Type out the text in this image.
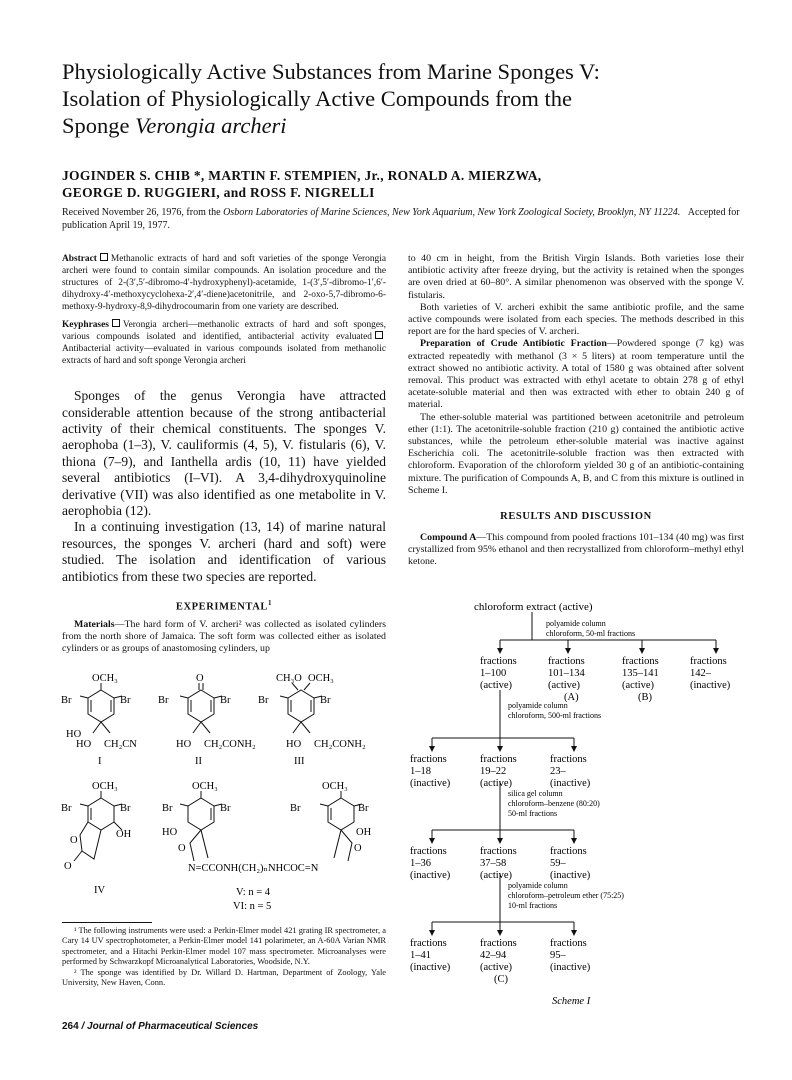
Physiologically Active Substances from Marine Sponges V:
Isolation of Physiologically Active Compounds from the
Sponge Verongia archeri
JOGINDER S. CHIB *, MARTIN F. STEMPIEN, Jr., RONALD A. MIERZWA,
GEORGE D. RUGGIERI, and ROSS F. NIGRELLI
Received November 26, 1976, from the Osborn Laboratories of Marine Sciences, New York Aquarium, New York Zoological Society, Brooklyn, NY 11224. Accepted for publication April 19, 1977.

Abstract Methanolic extracts of hard and soft varieties of the sponge Verongia archeri were found to contain similar compounds. An isolation procedure and the structures of 2-(3′,5′-dibromo-4′-hydroxyphenyl)-acetamide, 1-(3′,5′-dibromo-1′,6′-dihydroxy-4′-methoxycyclohexa-2′,4′-diene)acetonitrile, and 2-oxo-5,7-dibromo-6-methoxy-9-hydroxy-8,9-dihydrocoumarin from one variety are described.

Keyphrases Verongia archeri—methanolic extracts of hard and soft sponges, various compounds isolated and identified, antibacterial activity evaluatedAntibacterial activity—evaluated in various compounds isolated from methanolic extracts of hard and soft sponge Verongia archeri

Sponges of the genus Verongia have attracted considerable attention because of the strong antibacterial activity of their chemical constituents. The sponges V. aerophoba (1–3), V. cauliformis (4, 5), V. fistularis (6), V. thiona (7–9), and Ianthella ardis (10, 11) have yielded several antibiotics (I–VI). A 3,4-dihydroxyquinoline derivative (VII) was also identified as one metabolite in V. aerophobia (12).

In a continuing investigation (13, 14) of marine natural resources, the sponges V. archeri (hard and soft) were studied. The isolation and identification of various antibiotics from these two species are reported.

EXPERIMENTAL$^1$

Materials—The hard form of V. archeri² was collected as isolated cylinders from the north shore of Jamaica. The soft form was collected either as isolated cylinders or as groups of anastomosing cylinders, up

OCH₃
Br	Br
HO
HO CH₂CN
I
O
Br	Br
HO CH₂CONH₂
II
CH₃O OCH₃
Br	Br
HO CH₂CONH₂
III
OCH₃
Br	Br
O
OH
O
IV
OCH₃
Br	Br
HO
O
OCH₃
Br	Br
OH
O
N=CCONH(CH₂)ₙNHCOC=N
V: n = 4
VI: n = 5

¹ The following instruments were used: a Perkin-Elmer model 421 grating IR spectrometer, a Cary 14 UV spectrophotometer, a Perkin-Elmer model 141 polarimeter, an A-60A Varian NMR spectrometer, and a Hitachi Perkin-Elmer model 107 mass spectrometer. Microanalyses were performed by Schwarzkopf Microanalytical Laboratories, Woodside, N.Y.

² The sponge was identified by Dr. Willard D. Hartman, Department of Zoology, Yale University, New Haven, Conn.

264 / Journal of Pharmaceutical Sciences

to 40 cm in height, from the British Virgin Islands. Both varieties lose their antibiotic activity after freeze drying, but the activity is retained when the sponges are oven dried at 60–80°. A similar phenomenon was observed with the sponge V. fistularis.

Both varieties of V. archeri exhibit the same antibiotic profile, and the same active compounds were isolated from each species. The methods described in this report are for the hard species of V. archeri.

Preparation of Crude Antibiotic Fraction—Powdered sponge (7 kg) was extracted repeatedly with methanol (3 × 5 liters) at room temperature until the extract showed no antibiotic activity. A total of 1580 g was obtained after solvent removal. This product was extracted with ethyl acetate to obtain 278 g of ethyl acetate-soluble material and then was extracted with ether to obtain 240 g of material.

The ether-soluble material was partitioned between acetonitrile and petroleum ether (1:1). The acetonitrile-soluble fraction (210 g) contained the antibiotic active substances, while the petroleum ether-soluble material was inactive against Escherichia coli. The acetonitrile-soluble fraction was then extracted with chloroform. Evaporation of the chloroform yielded 30 g of an antibiotic-containing mixture. The purification of Compounds A, B, and C from this mixture is outlined in Scheme I.

RESULTS AND DISCUSSION

Compound A—This compound from pooled fractions 101–134 (40 mg) was first crystallized from 95% ethanol and then recrystallized from chloroform–methyl ethyl ketone.

chloroform extract (active)
polyamide column
chloroform, 50-ml fractions
polyamide column
chloroform, 500-ml fractions
silica gel column
chloroform–benzene (80:20)
50-ml fractions
polyamide column
chloroform–petroleum ether (75:25)
10-ml fractions
fractions
1–100
(active)
fractions
101–134
(active)
(A)
fractions
135–141
(active)
(B)
fractions
142–
(inactive)
fractions
1–18
(inactive)
fractions
19–22
(active)
fractions
23–
(inactive)
fractions
1–36
(inactive)
fractions
37–58
(active)
fractions
59–
(inactive)
fractions
1–41
(inactive)
fractions
42–94
(active)
(C)
fractions
95–
(inactive)
Scheme I
